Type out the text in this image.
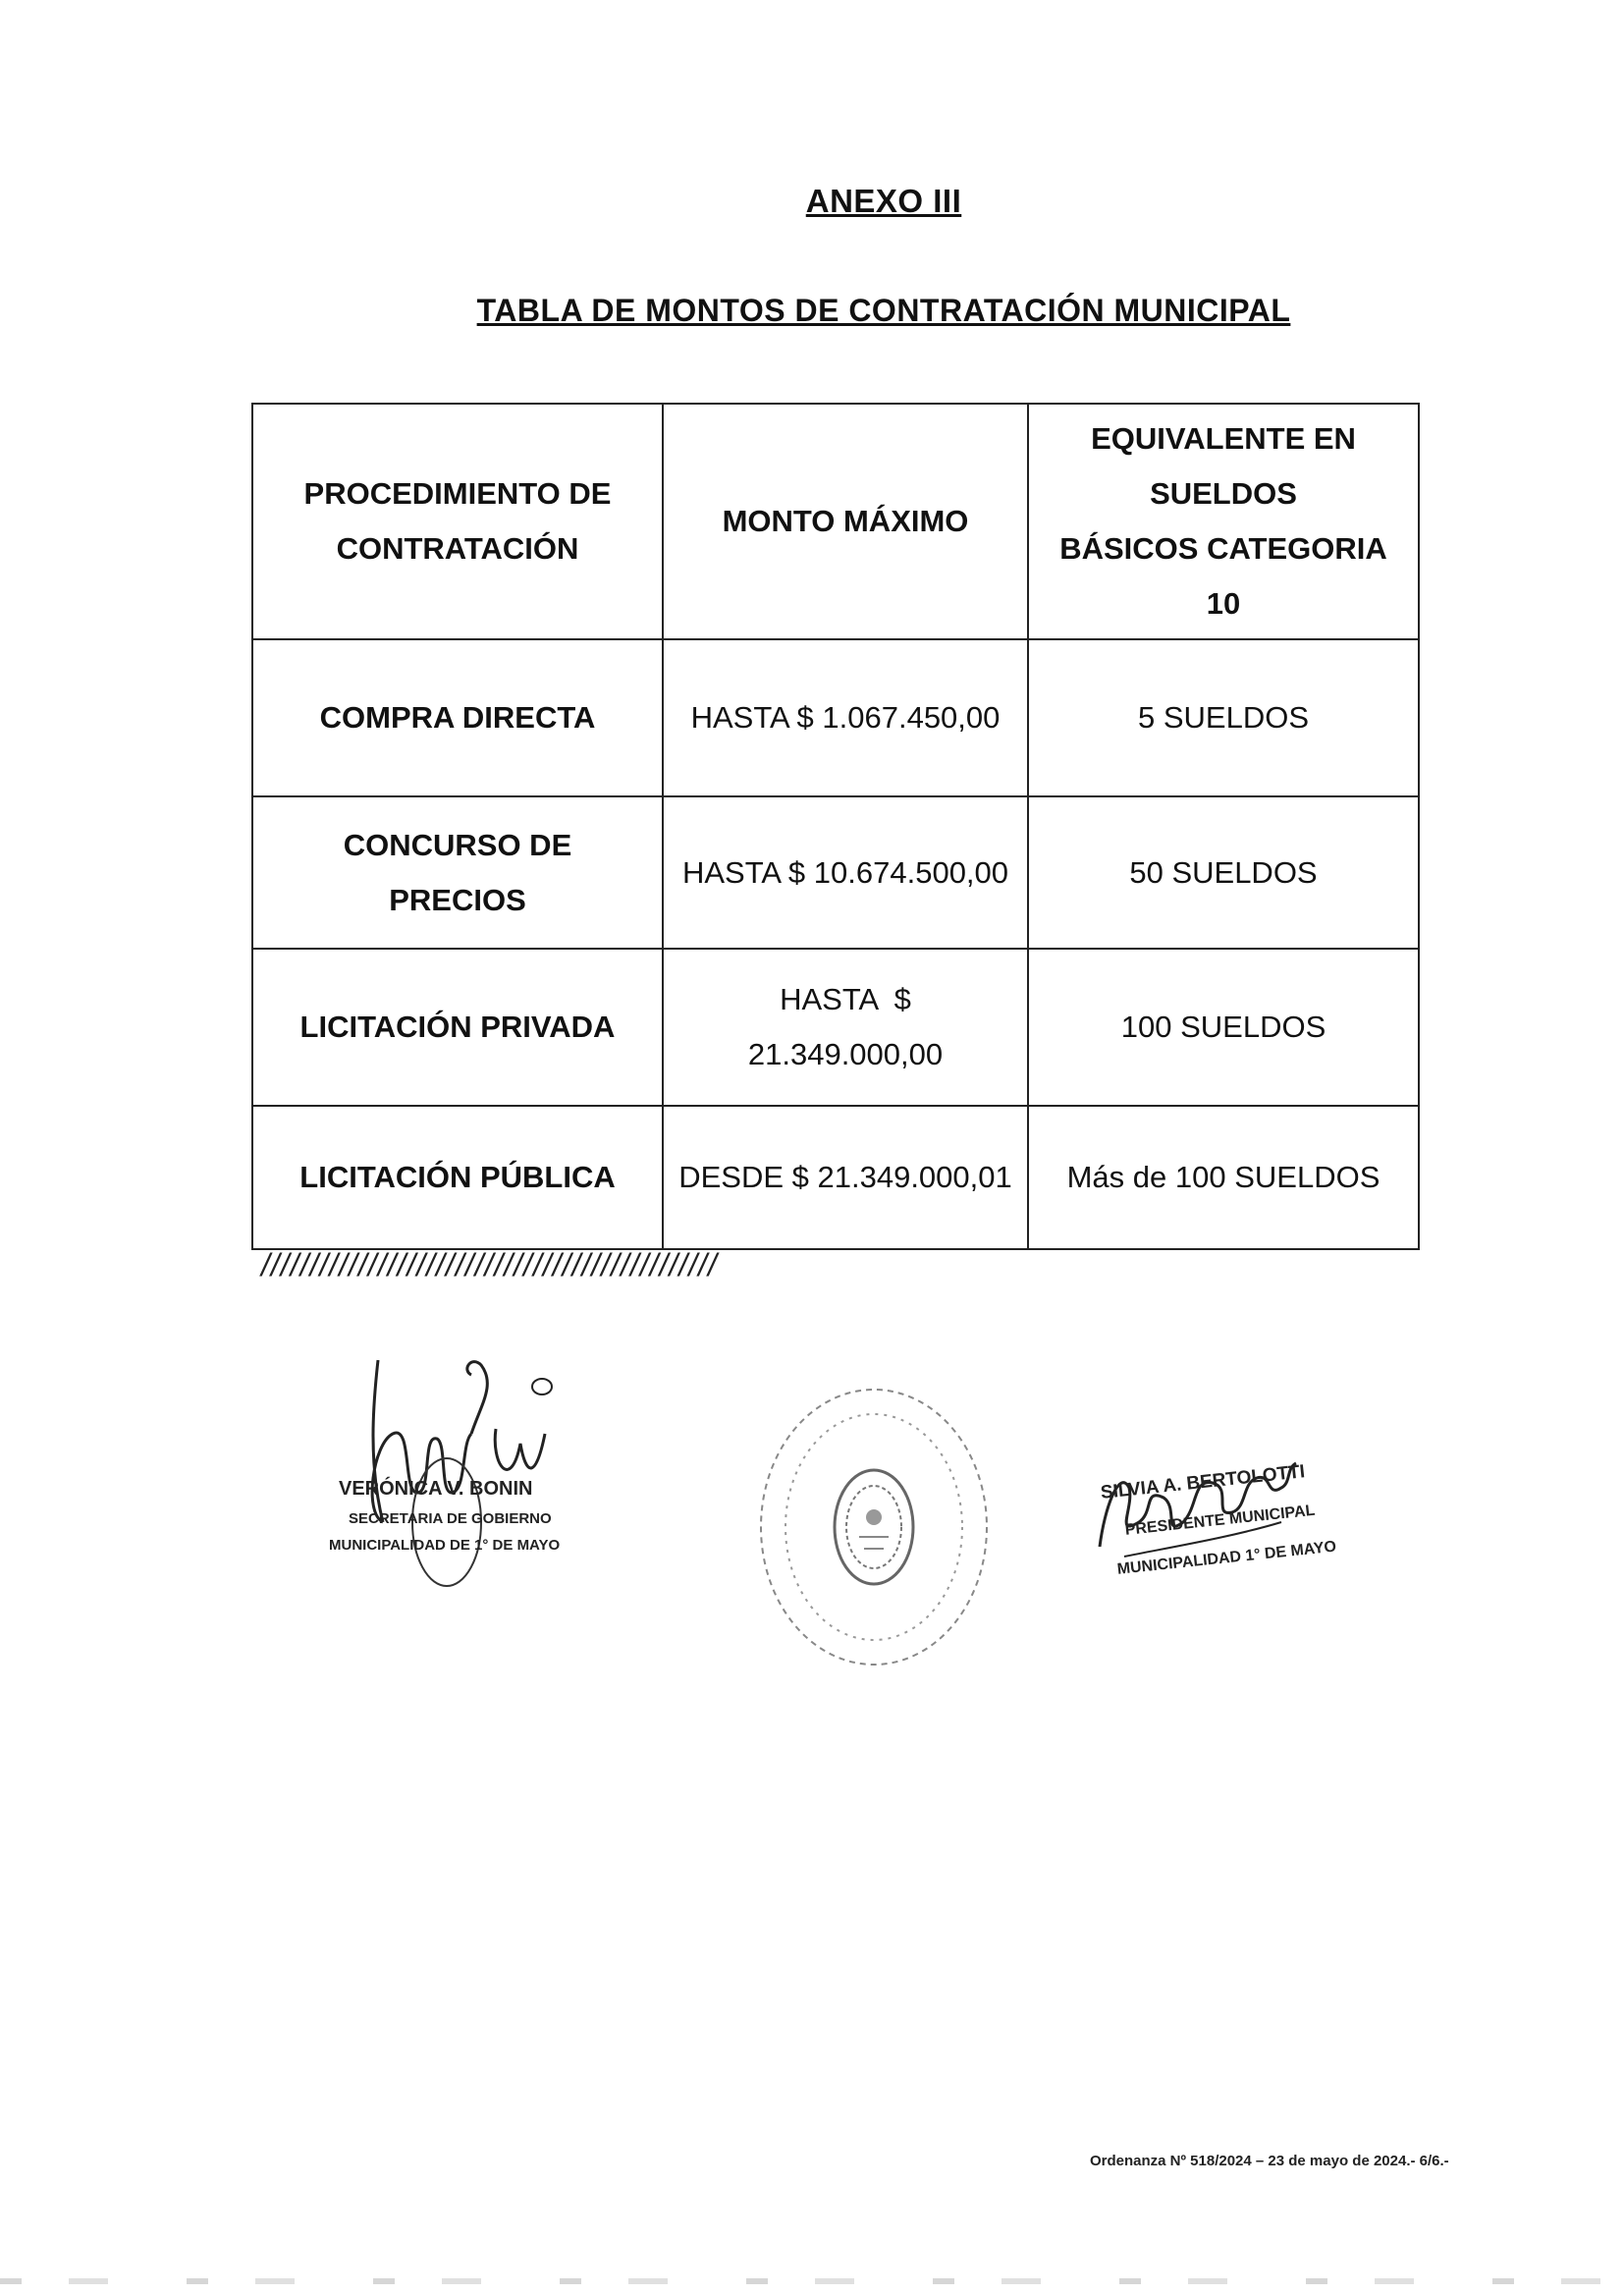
ANEXO III
TABLA DE MONTOS DE CONTRATACIÓN MUNICIPAL
PROCEDIMIENTO DE
CONTRATACIÓN	MONTO MÁXIMO	EQUIVALENTE EN
SUELDOS
BÁSICOS CATEGORIA
10
COMPRA DIRECTA	HASTA $ 1.067.450,00	5 SUELDOS
CONCURSO DE
PRECIOS	HASTA $ 10.674.500,00	50 SUELDOS
LICITACIÓN PRIVADA	HASTA  $
21.349.000,00	100 SUELDOS
LICITACIÓN PÚBLICA	DESDE $ 21.349.000,01	Más de 100 SUELDOS
///////////////////////////////////////////////
VERÓNICA V. BONIN
SECRETARIA DE GOBIERNO
MUNICIPALIDAD DE 1° DE MAYO
SILVIA A. BERTOLOTTI
PRESIDENTE MUNICIPAL
MUNICIPALIDAD 1° DE MAYO
Ordenanza Nº 518/2024 – 23 de mayo de 2024.- 6/6.-
